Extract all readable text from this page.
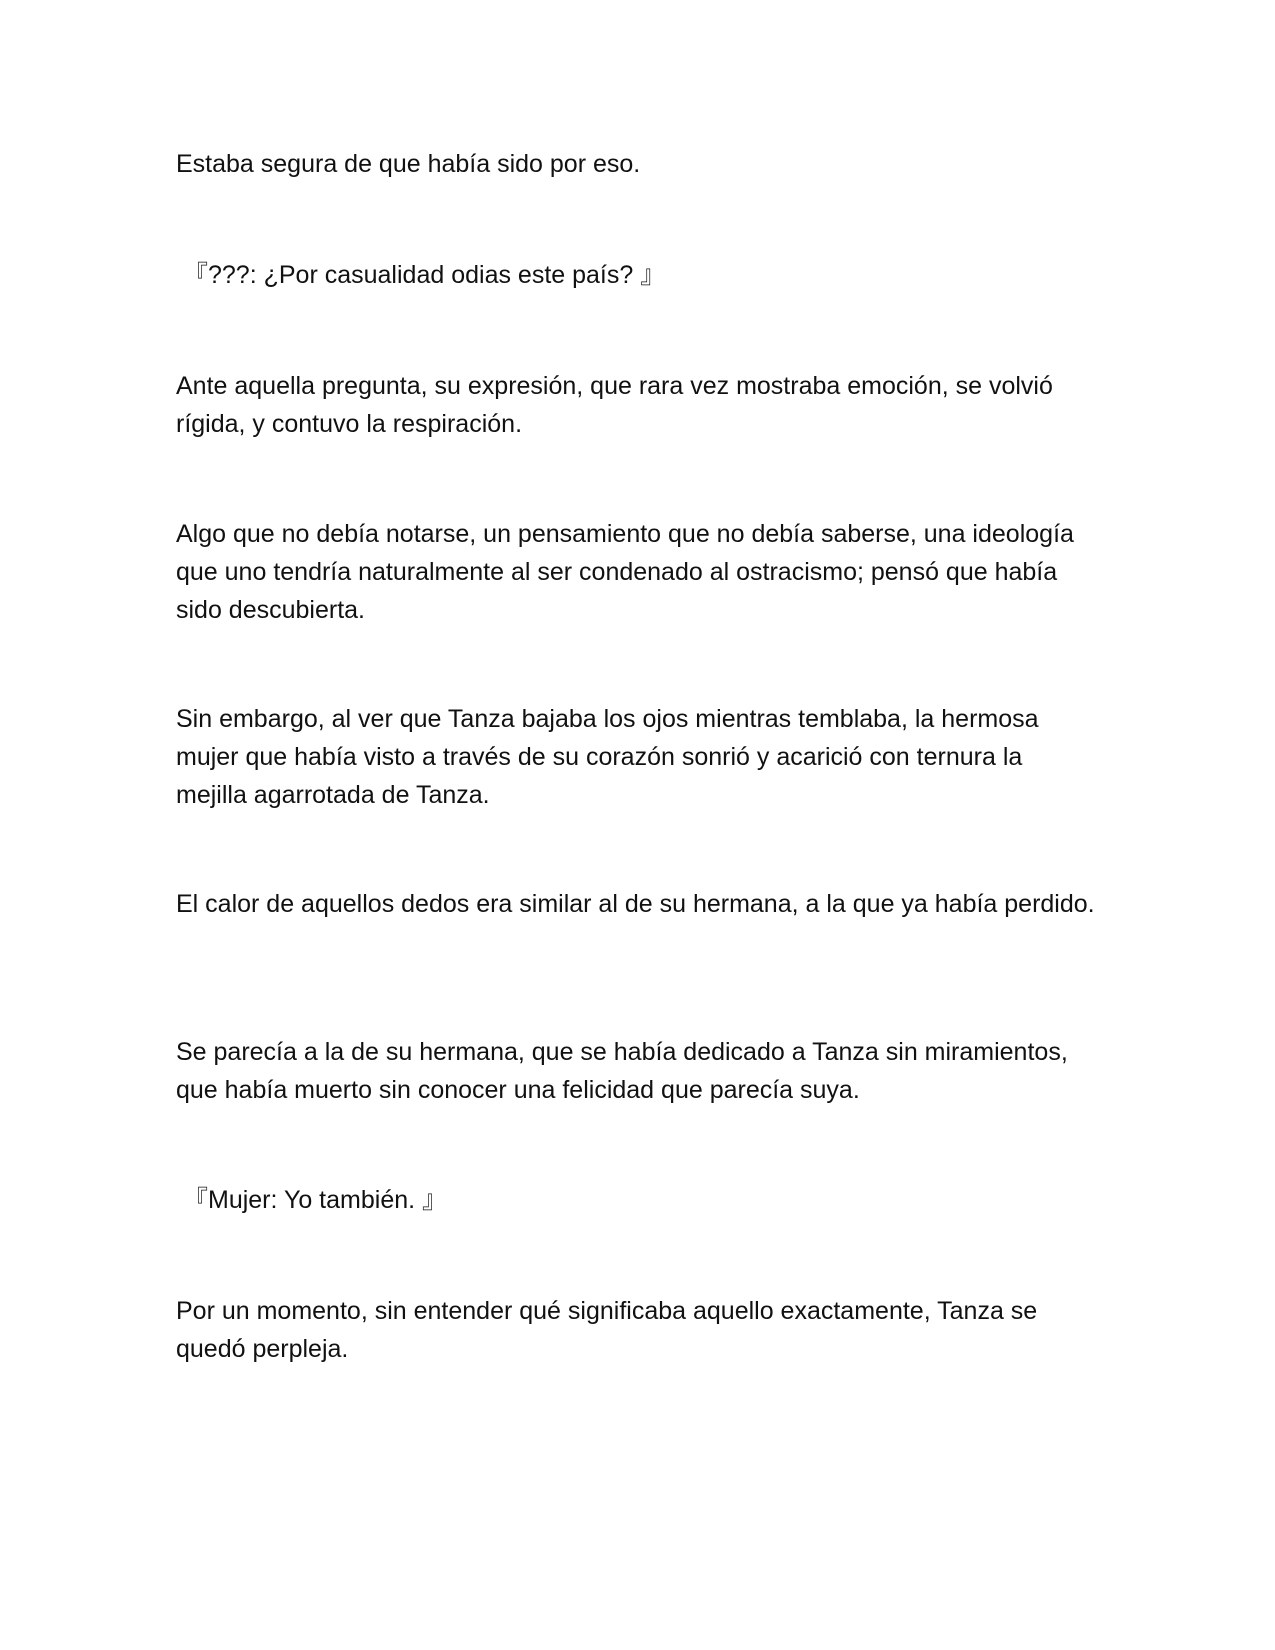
Estaba segura de que había sido por eso.

『???: ¿Por casualidad odias este país? 』

Ante aquella pregunta, su expresión, que rara vez mostraba emoción, se volvió rígida, y contuvo la respiración.

Algo que no debía notarse, un pensamiento que no debía saberse, una ideología que uno tendría naturalmente al ser condenado al ostracismo; pensó que había sido descubierta.

Sin embargo, al ver que Tanza bajaba los ojos mientras temblaba, la hermosa mujer que había visto a través de su corazón sonrió y acarició con ternura la mejilla agarrotada de Tanza.

El calor de aquellos dedos era similar al de su hermana, a la que ya había perdido.

Se parecía a la de su hermana, que se había dedicado a Tanza sin miramientos, que había muerto sin conocer una felicidad que parecía suya.

『Mujer: Yo también. 』

Por un momento, sin entender qué significaba aquello exactamente, Tanza se quedó perpleja.
